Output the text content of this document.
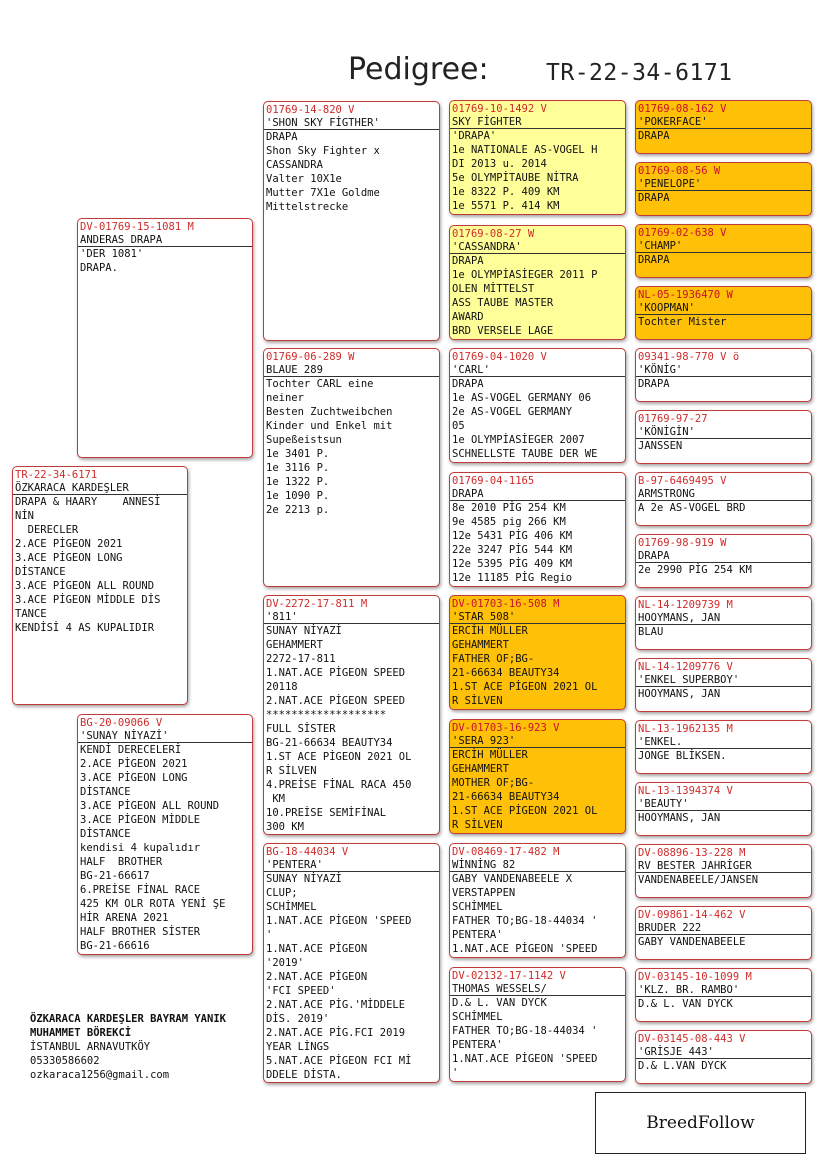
Pedigree: TR-22-34-6171
TR-22-34-6171
ÖZKARACA KARDEŞLER
DRAPA & HAARY    ANNESİ
NİN
DERECLER
2.ACE PİGEON 2021
3.ACE PİGEON LONG
DİSTANCE
3.ACE PİGEON ALL ROUND
3.ACE PİGEON MİDDLE DİS
TANCE
KENDİSİ 4 AS KUPALIDIR
DV-01769-15-1081 M
ANDERAS DRAPA
'DER 1081'
DRAPA.
BG-20-09066 V
'SUNAY NİYAZİ'
KENDİ DERECELERİ
2.ACE PİGEON 2021
3.ACE PİGEON LONG
DİSTANCE
3.ACE PİGEON ALL ROUND
3.ACE PİGEON MİDDLE
DİSTANCE
kendisi 4 kupalıdır
HALF  BROTHER
BG-21-66617
6.PREİSE FİNAL RACE
425 KM OLR ROTA YENİ ŞE
HİR ARENA 2021
HALF BROTHER SİSTER
BG-21-66616
01769-14-820 V
'SHON SKY FİGTHER'
DRAPA
Shon Sky Fighter x
CASSANDRA
Valter 10X1e
Mutter 7X1e Goldme
Mittelstrecke
01769-06-289 W
BLAUE 289
Tochter CARL eine
neiner
Besten Zuchtweibchen
Kinder und Enkel mit
Supeßeistsun
1e 3401 P.
1e 3116 P.
1e 1322 P.
1e 1090 P.
2e 2213 p.
DV-2272-17-811 M
'811'
SUNAY NİYAZİ
GEHAMMERT
2272-17-811
1.NAT.ACE PİGEON SPEED
20118
2.NAT.ACE PİGEON SPEED
*******************
FULL SİSTER
BG-21-66634 BEAUTY34
1.ST ACE PİGEON 2021 OL
R SİLVEN
4.PREİSE FİNAL RACA 450
KM
10.PREİSE SEMİFİNAL
300 KM
BG-18-44034 V
'PENTERA'
SUNAY NİYAZİ
CLUP;
SCHİMMEL
1.NAT.ACE PİGEON 'SPEED
'
1.NAT.ACE PİGEON
'2019'
2.NAT.ACE PİGEON
'FCI SPEED'
2.NAT.ACE PİG.'MİDDELE
DİS. 2019'
2.NAT.ACE PİG.FCI 2019
YEAR LİNGS
5.NAT.ACE PİGEON FCI Mİ
DDELE DİSTA.
01769-10-1492 V
SKY FİGHTER
'DRAPA'
1e NATIONALE AS-VOGEL H
DI 2013 u. 2014
5e OLYMPİTAUBE NİTRA
1e 8322 P. 409 KM
1e 5571 P. 414 KM
01769-08-27 W
'CASSANDRA'
DRAPA
1e OLYMPİASİEGER 2011 P
OLEN MİTTELST
ASS TAUBE MASTER
AWARD
BRD VERSELE LAGE
01769-04-1020 V
'CARL'
DRAPA
1e AS-VOGEL GERMANY 06
2e AS-VOGEL GERMANY
05
1e OLYMPİASİEGER 2007
SCHNELLSTE TAUBE DER WE
01769-04-1165
DRAPA
8e 2010 PİG 254 KM
9e 4585 pig 266 KM
12e 5431 PİG 406 KM
22e 3247 PİG 544 KM
12e 5395 PİG 409 KM
12e 11185 PİG Regio
DV-01703-16-508 M
'STAR 508'
ERCİH MÜLLER
GEHAMMERT
FATHER OF;BG-
21-66634 BEAUTY34
1.ST ACE PİGEON 2021 OL
R SİLVEN
DV-01703-16-923 V
'SERA 923'
ERCİH MÜLLER
GEHAMMERT
MOTHER OF;BG-
21-66634 BEAUTY34
1.ST ACE PİGEON 2021 OL
R SİLVEN
DV-08469-17-482 M
WİNNİNG 82
GABY VANDENABEELE X
VERSTAPPEN
SCHİMMEL
FATHER TO;BG-18-44034 '
PENTERA'
1.NAT.ACE PİGEON 'SPEED
DV-02132-17-1142 V
THOMAS WESSELS/
D.& L. VAN DYCK
SCHİMMEL
FATHER TO;BG-18-44034 '
PENTERA'
1.NAT.ACE PİGEON 'SPEED
'
01769-08-162 V
'POKERFACE'
DRAPA
01769-08-56 W
'PENELOPE'
DRAPA
01769-02-638 V
'CHAMP'
DRAPA
NL-05-1936470 W
'KOOPMAN'
Tochter Mister
09341-98-770 V ö
'KÖNİG'
DRAPA
01769-97-27
'KÖNİGİN'
JANSSEN
B-97-6469495 V
ARMSTRONG
A 2e AS-VOGEL BRD
01769-98-919 W
DRAPA
2e 2990 PİG 254 KM
NL-14-1209739 M
HOOYMANS, JAN
BLAU
NL-14-1209776 V
'ENKEL SUPERBOY'
HOOYMANS, JAN
NL-13-1962135 M
'ENKEL.
JONGE BLİKSEN.
NL-13-1394374 V
'BEAUTY'
HOOYMANS, JAN
DV-08896-13-228 M
RV BESTER JAHRİGER
VANDENABEELE/JANSEN
DV-09861-14-462 V
BRUDER 222
GABY VANDENABEELE
DV-03145-10-1099 M
'KLZ. BR. RAMBO'
D.& L. VAN DYCK
DV-03145-08-443 V
'GRİSJE 443'
D.& L.VAN DYCK
ÖZKARACA KARDEŞLER BAYRAM YANIK
MUHAMMET BÖREKCİ
İSTANBUL ARNAVUTKÖY
05330586602
ozkaraca1256@gmail.com
BreedFollow
